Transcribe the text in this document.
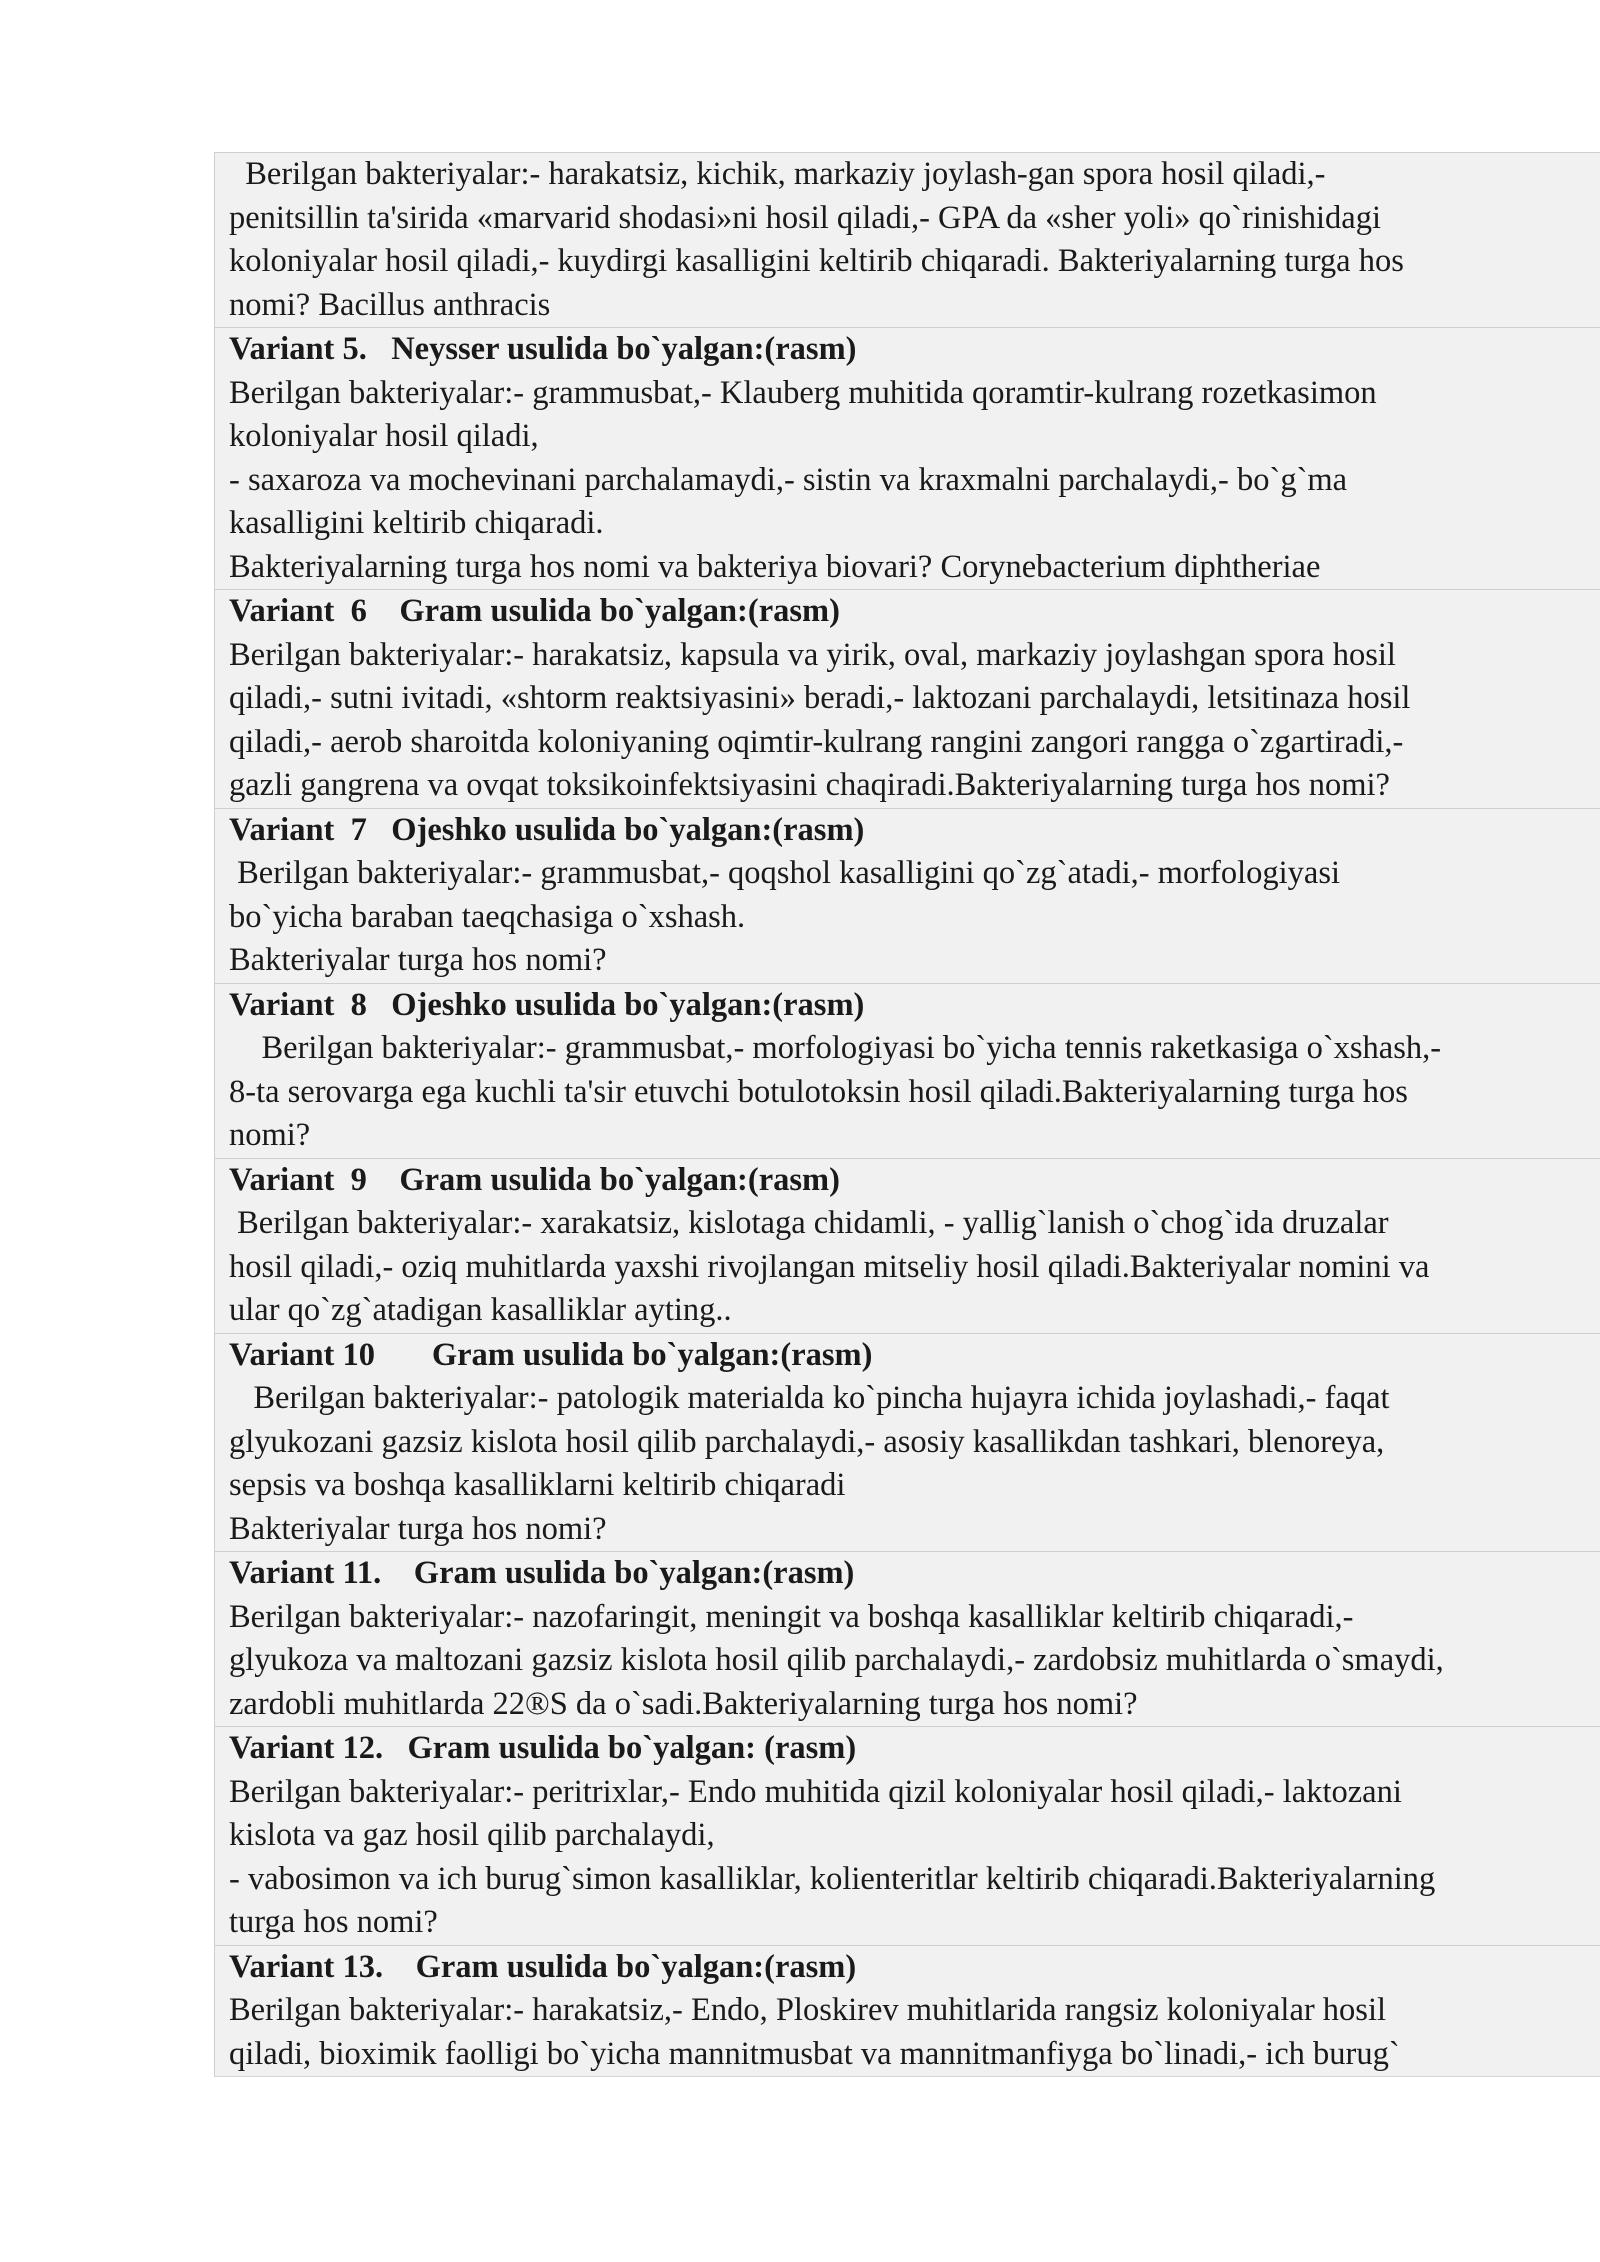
Berilgan bakteriyalar:- harakatsiz, kichik, markaziy joylash-gan spora hosil qiladi,-
penitsillin ta'sirida «marvarid shodasi»ni hosil qiladi,- GPA da «sher yoli» qo`rinishidagi
koloniyalar hosil qiladi,- kuydirgi kasalligini keltirib chiqaradi. Bakteriyalarning turga hos
nomi? Bacillus anthracis
Variant 5.   Neysser usulida bo`yalgan:(rasm)
Berilgan bakteriyalar:- grammusbat,- Klauberg muhitida qoramtir-kulrang rozetkasimon
koloniyalar hosil qiladi,
- saxaroza va mochevinani parchalamaydi,- sistin va kraxmalni parchalaydi,- bo`g`ma
kasalligini keltirib chiqaradi.
Bakteriyalarning turga hos nomi va bakteriya biovari? Corynebacterium diphtheriae
Variant  6    Gram usulida bo`yalgan:(rasm)
Berilgan bakteriyalar:- harakatsiz, kapsula va yirik, oval, markaziy joylashgan spora hosil
qiladi,- sutni ivitadi, «shtorm reaktsiyasini» beradi,- laktozani parchalaydi, letsitinaza hosil
qiladi,- aerob sharoitda koloniyaning oqimtir-kulrang rangini zangori rangga o`zgartiradi,-
gazli gangrena va ovqat toksikoinfektsiyasini chaqiradi.Bakteriyalarning turga hos nomi?
Variant  7   Ojeshko usulida bo`yalgan:(rasm)
Berilgan bakteriyalar:- grammusbat,- qoqshol kasalligini qo`zg`atadi,- morfologiyasi
bo`yicha baraban taeqchasiga o`xshash.
Bakteriyalar turga hos nomi?
Variant  8   Ojeshko usulida bo`yalgan:(rasm)
Berilgan bakteriyalar:- grammusbat,- morfologiyasi bo`yicha tennis raketkasiga o`xshash,-
8-ta serovarga ega kuchli ta'sir etuvchi botulotoksin hosil qiladi.Bakteriyalarning turga hos
nomi?
Variant  9    Gram usulida bo`yalgan:(rasm)
Berilgan bakteriyalar:- xarakatsiz, kislotaga chidamli, - yallig`lanish o`chog`ida druzalar
hosil qiladi,- oziq muhitlarda yaxshi rivojlangan mitseliy hosil qiladi.Bakteriyalar nomini va
ular qo`zg`atadigan kasalliklar ayting..
Variant 10       Gram usulida bo`yalgan:(rasm)
Berilgan bakteriyalar:- patologik materialda ko`pincha hujayra ichida joylashadi,- faqat
glyukozani gazsiz kislota hosil qilib parchalaydi,- asosiy kasallikdan tashkari, blenoreya,
sepsis va boshqa kasalliklarni keltirib chiqaradi
Bakteriyalar turga hos nomi?
Variant 11.    Gram usulida bo`yalgan:(rasm)
Berilgan bakteriyalar:- nazofaringit, meningit va boshqa kasalliklar keltirib chiqaradi,-
glyukoza va maltozani gazsiz kislota hosil qilib parchalaydi,- zardobsiz muhitlarda o`smaydi,
zardobli muhitlarda 22®S da o`sadi.Bakteriyalarning turga hos nomi?
Variant 12.   Gram usulida bo`yalgan: (rasm)
Berilgan bakteriyalar:- peritrixlar,- Endo muhitida qizil koloniyalar hosil qiladi,- laktozani
kislota va gaz hosil qilib parchalaydi,
- vabosimon va ich burug`simon kasalliklar, kolienteritlar keltirib chiqaradi.Bakteriyalarning
turga hos nomi?
Variant 13.    Gram usulida bo`yalgan:(rasm)
Berilgan bakteriyalar:- harakatsiz,- Endo, Ploskirev muhitlarida rangsiz koloniyalar hosil
qiladi, bioximik faolligi bo`yicha mannitmusbat va mannitmanfiyga bo`linadi,- ich burug`
